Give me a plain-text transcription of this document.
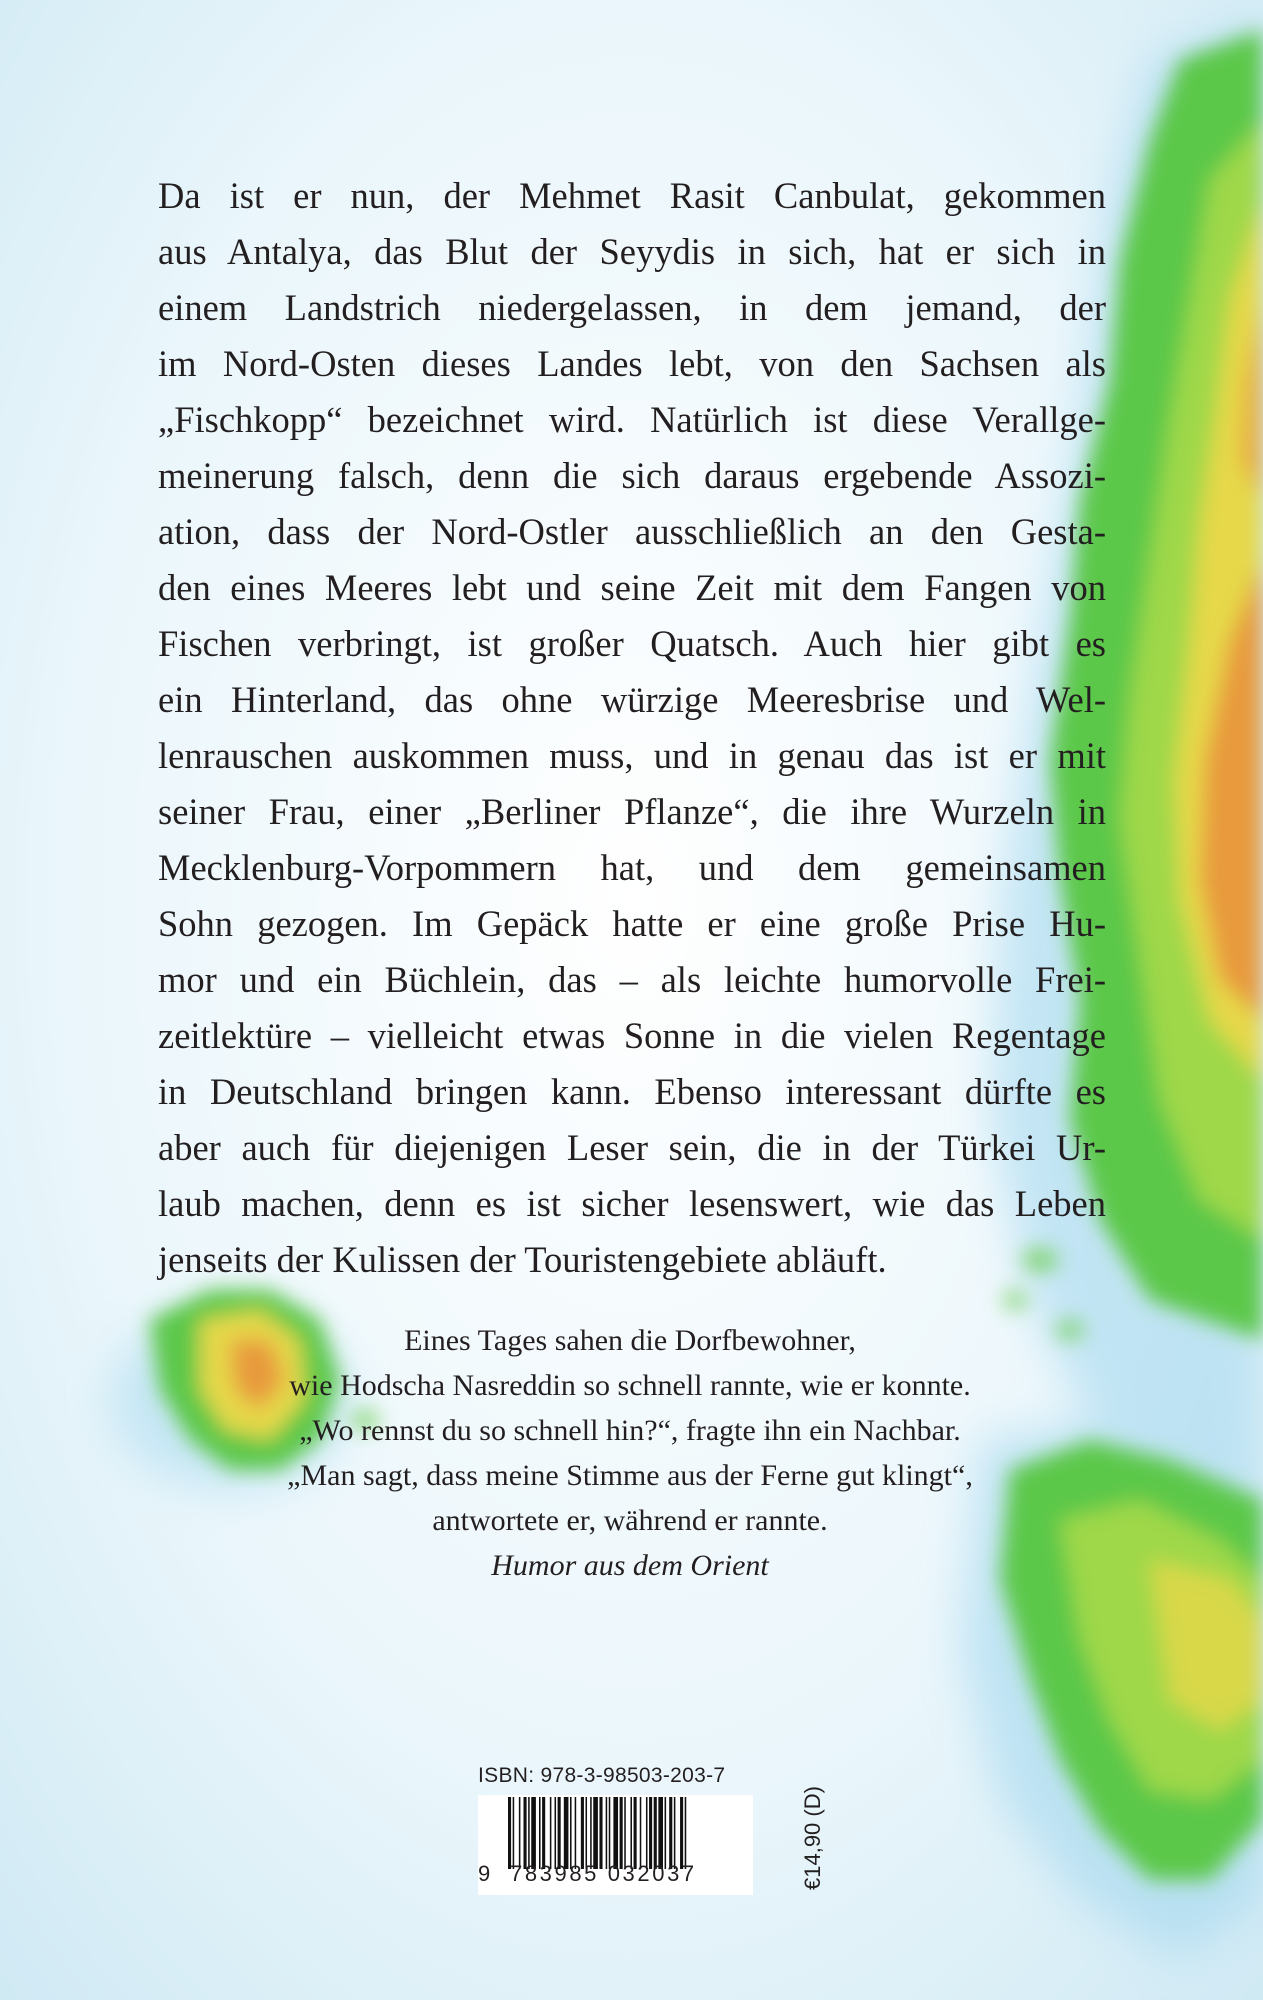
Da ist er nun, der Mehmet Rasit Canbulat, gekommen
aus Antalya, das Blut der Seyydis in sich, hat er sich in
einem Landstrich niedergelassen, in dem jemand, der
im Nord-Osten dieses Landes lebt, von den Sachsen als
„Fischkopp“ bezeichnet wird. Natürlich ist diese Verallge-
meinerung falsch, denn die sich daraus ergebende Assozi-
ation, dass der Nord-Ostler ausschließlich an den Gesta-
den eines Meeres lebt und seine Zeit mit dem Fangen von
Fischen verbringt, ist großer Quatsch. Auch hier gibt es
ein Hinterland, das ohne würzige Meeresbrise und Wel-
lenrauschen auskommen muss, und in genau das ist er mit
seiner Frau, einer „Berliner Pflanze“, die ihre Wurzeln in
Mecklenburg-Vorpommern hat, und dem gemeinsamen
Sohn gezogen. Im Gepäck hatte er eine große Prise Hu-
mor und ein Büchlein, das – als leichte humorvolle Frei-
zeitlektüre – vielleicht etwas Sonne in die vielen Regentage
in Deutschland bringen kann. Ebenso interessant dürfte es
aber auch für diejenigen Leser sein, die in der Türkei Ur-
laub machen, denn es ist sicher lesenswert, wie das Leben
jenseits der Kulissen der Touristengebiete abläuft.
Eines Tages sahen die Dorfbewohner,
wie Hodscha Nasreddin so schnell rannte, wie er konnte.
„Wo rennst du so schnell hin?“, fragte ihn ein Nachbar.
„Man sagt, dass meine Stimme aus der Ferne gut klingt“,
antwortete er, während er rannte.
Humor aus dem Orient
ISBN: 978-3-98503-203-7
9 783985 032037	€14,90 (D)
